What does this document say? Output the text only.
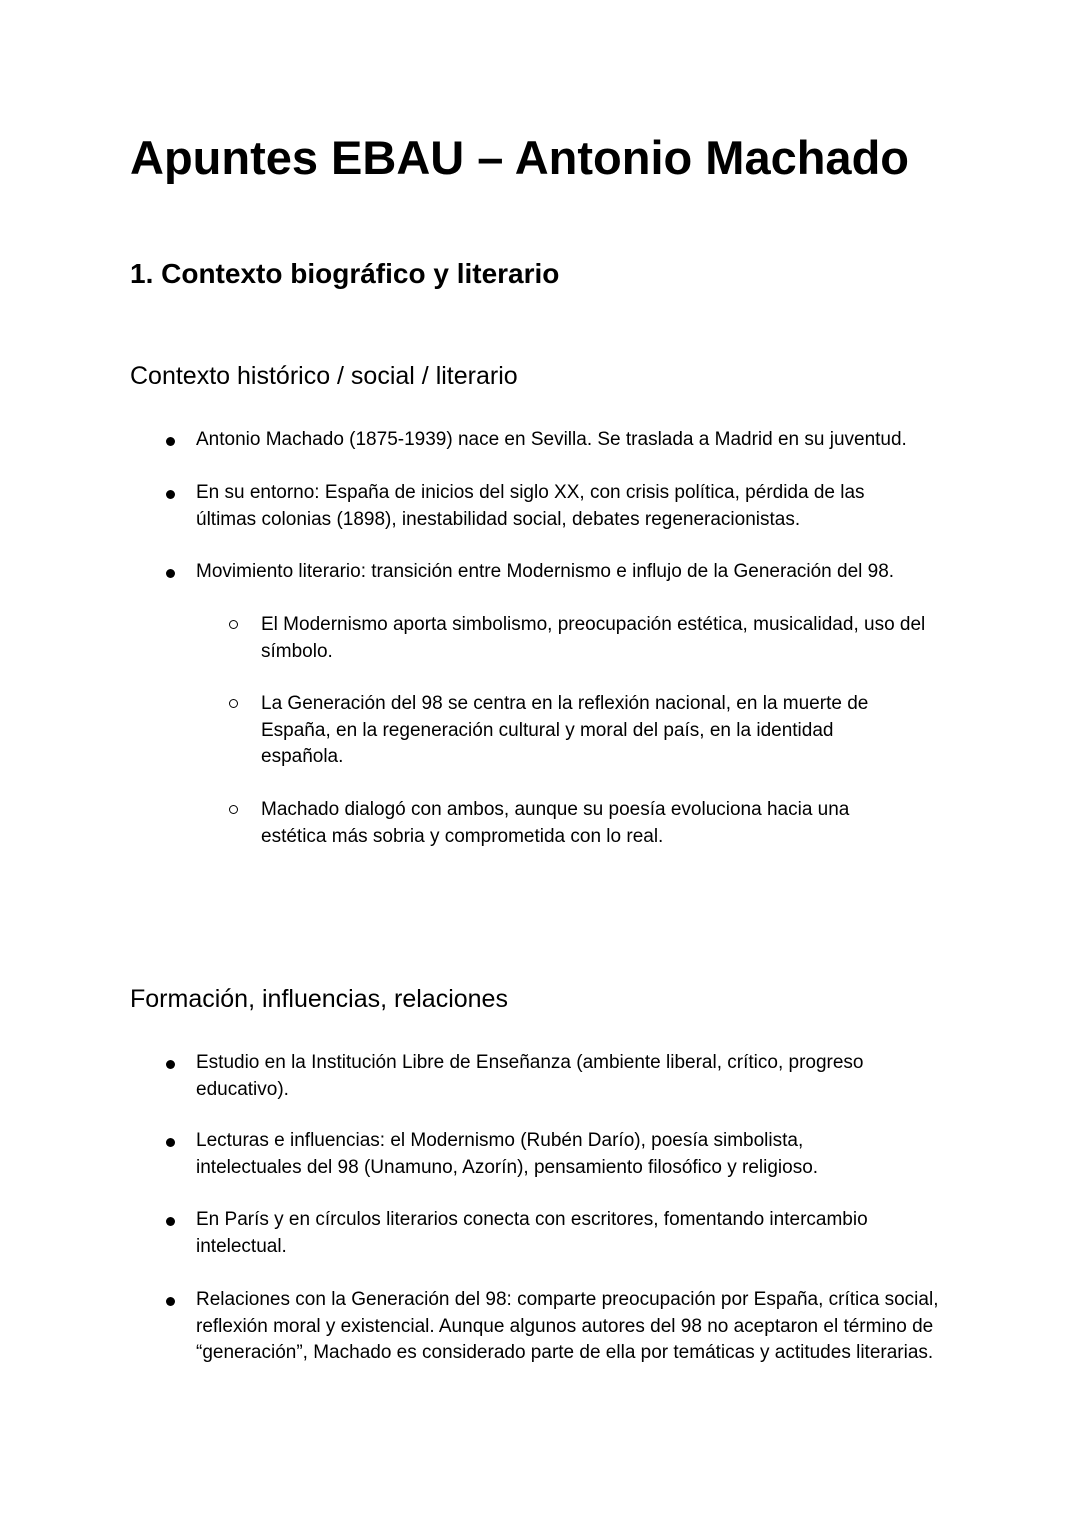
Apuntes EBAU – Antonio Machado
1. Contexto biográfico y literario
Contexto histórico / social / literario
Antonio Machado (1875-1939) nace en Sevilla. Se traslada a Madrid en su juventud.
En su entorno: España de inicios del siglo XX, con crisis política, pérdida de las últimas colonias (1898), inestabilidad social, debates regeneracionistas.
Movimiento literario: transición entre Modernismo e influjo de la Generación del 98.
El Modernismo aporta simbolismo, preocupación estética, musicalidad, uso del símbolo.
La Generación del 98 se centra en la reflexión nacional, en la muerte de España, en la regeneración cultural y moral del país, en la identidad española.
Machado dialogó con ambos, aunque su poesía evoluciona hacia una estética más sobria y comprometida con lo real.
Formación, influencias, relaciones
Estudio en la Institución Libre de Enseñanza (ambiente liberal, crítico, progreso educativo).
Lecturas e influencias: el Modernismo (Rubén Darío), poesía simbolista, intelectuales del 98 (Unamuno, Azorín), pensamiento filosófico y religioso.
En París y en círculos literarios conecta con escritores, fomentando intercambio intelectual.
Relaciones con la Generación del 98: comparte preocupación por España, crítica social, reflexión moral y existencial. Aunque algunos autores del 98 no aceptaron el término de “generación”, Machado es considerado parte de ella por temáticas y actitudes literarias.
